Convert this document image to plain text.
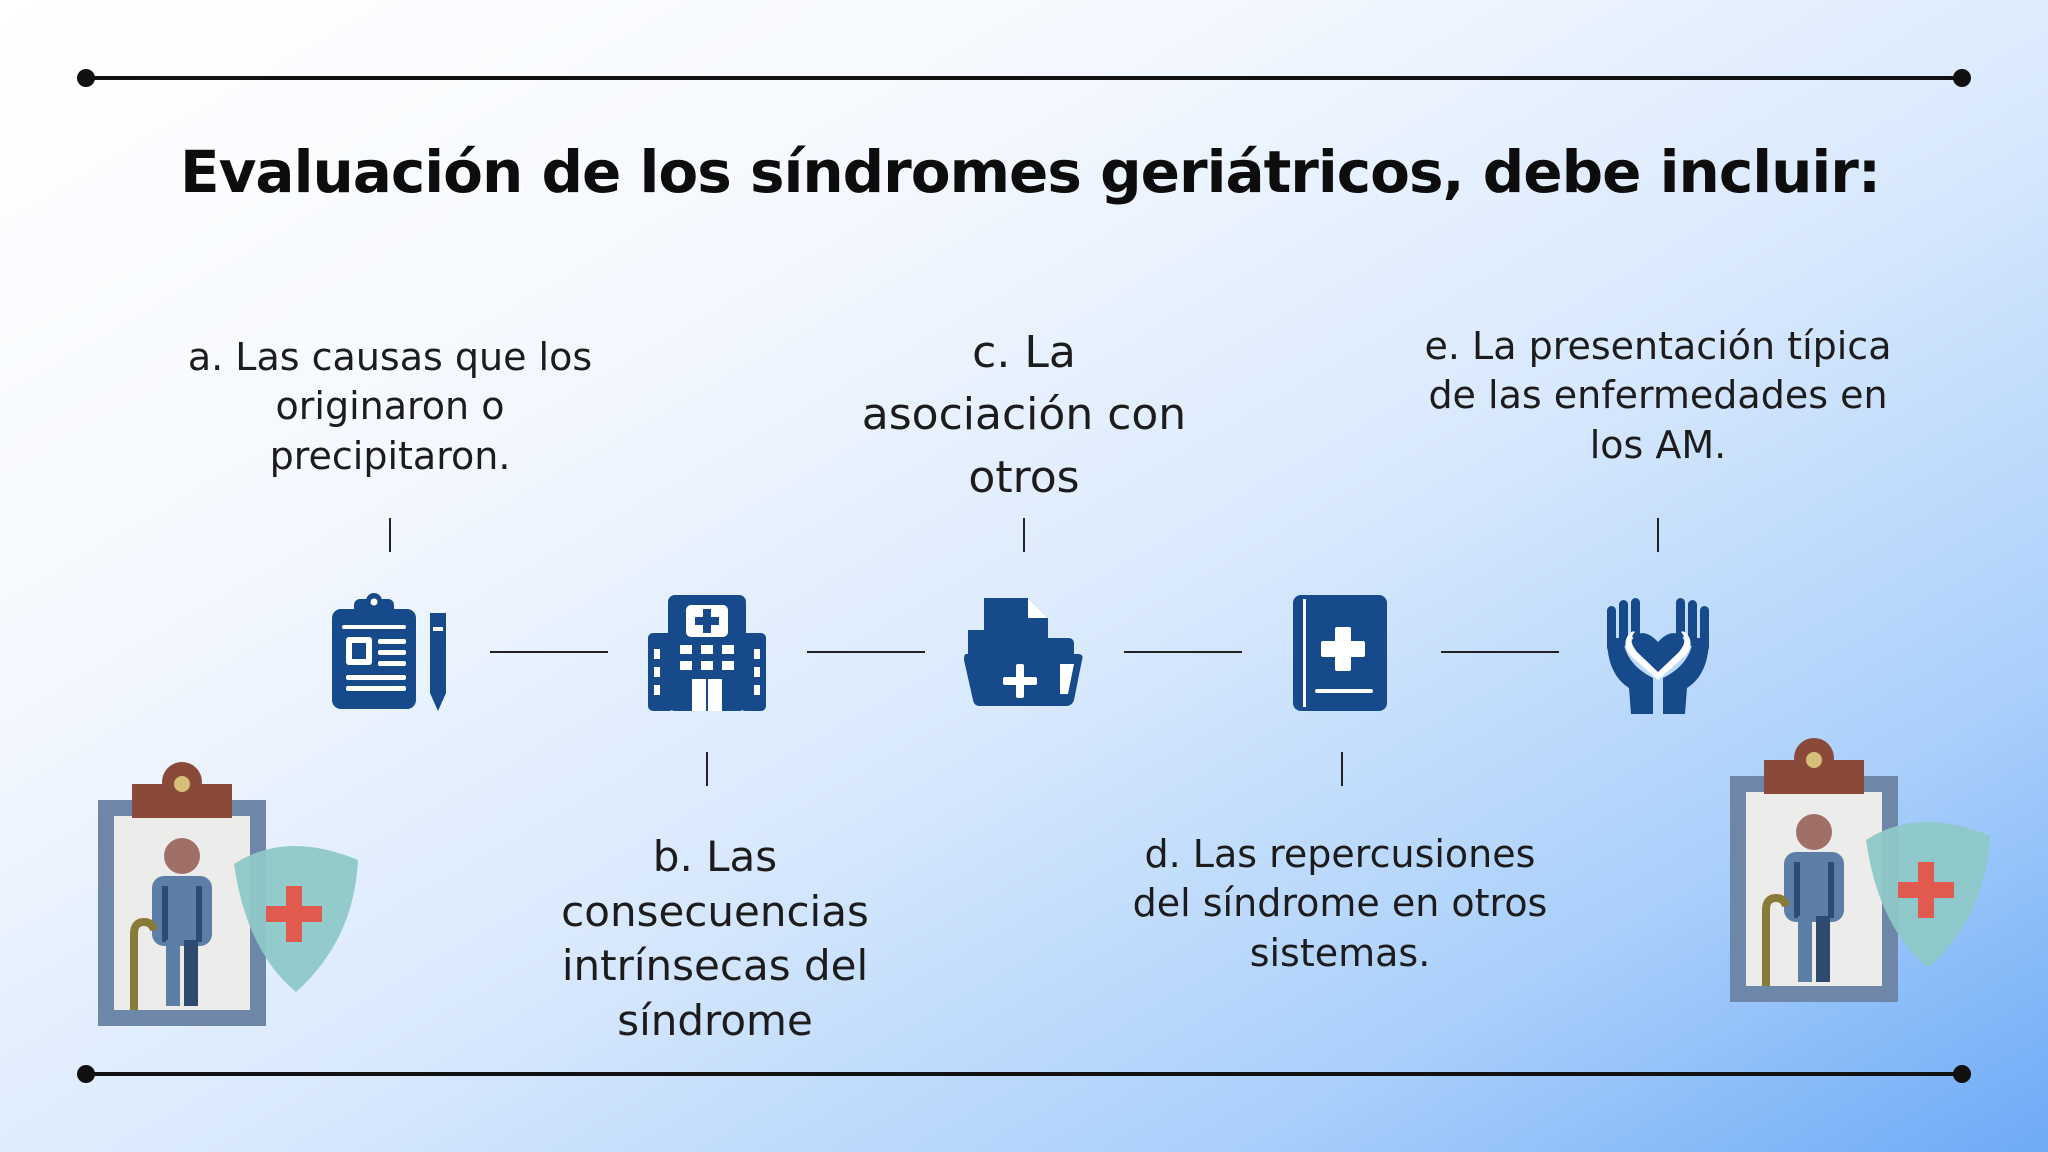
Evaluación de los síndromes geriátricos, debe incluir:
a. Las causas que los originaron o precipitaron.
b. Las consecuencias intrínsecas del síndrome
c. La asociación con otros
d. Las repercusiones del síndrome en otros sistemas.
e. La presentación típica de las enfermedades en los AM.
